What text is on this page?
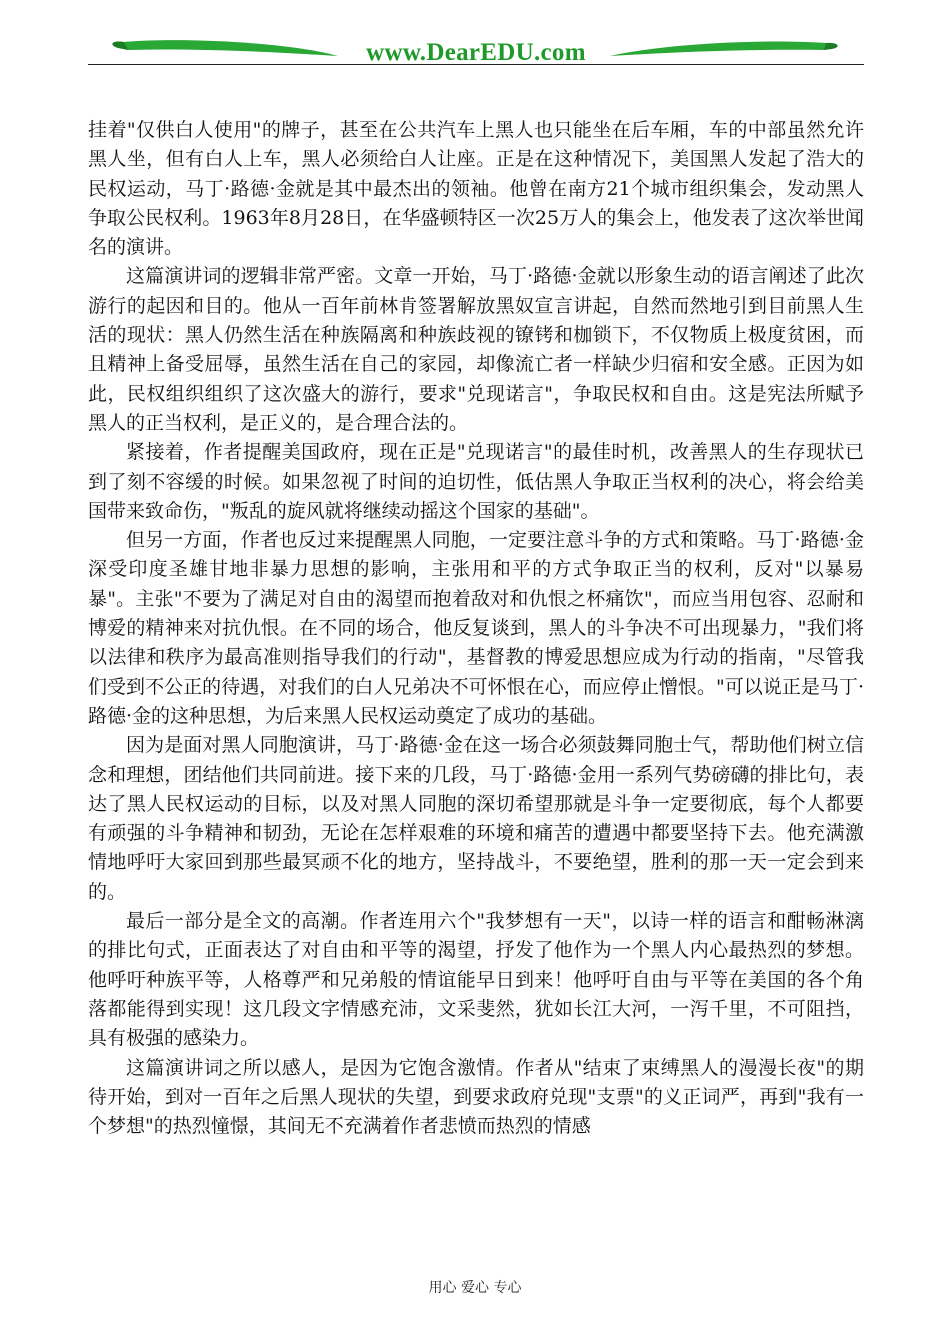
www.DearEDU.com

挂着"仅供白人使用"的牌子，甚至在公共汽车上黑人也只能坐在后车厢，车的中部虽然允许黑人坐，但有白人上车，黑人必须给白人让座。正是在这种情况下，美国黑人发起了浩大的民权运动，马丁·路德·金就是其中最杰出的领袖。他曾在南方21个城市组织集会，发动黑人争取公民权利。1963年8月28日，在华盛顿特区一次25万人的集会上，他发表了这次举世闻名的演讲。

这篇演讲词的逻辑非常严密。文章一开始，马丁·路德·金就以形象生动的语言阐述了此次游行的起因和目的。他从一百年前林肯签署解放黑奴宣言讲起，自然而然地引到目前黑人生活的现状：黑人仍然生活在种族隔离和种族歧视的镣铐和枷锁下，不仅物质上极度贫困，而且精神上备受屈辱，虽然生活在自己的家园，却像流亡者一样缺少归宿和安全感。正因为如此，民权组织组织了这次盛大的游行，要求"兑现诺言"，争取民权和自由。这是宪法所赋予黑人的正当权利，是正义的，是合理合法的。

紧接着，作者提醒美国政府，现在正是"兑现诺言"的最佳时机，改善黑人的生存现状已到了刻不容缓的时候。如果忽视了时间的迫切性，低估黑人争取正当权利的决心，将会给美国带来致命伤，"叛乱的旋风就将继续动摇这个国家的基础"。

但另一方面，作者也反过来提醒黑人同胞，一定要注意斗争的方式和策略。马丁·路德·金深受印度圣雄甘地非暴力思想的影响，主张用和平的方式争取正当的权利，反对"以暴易暴"。主张"不要为了满足对自由的渴望而抱着敌对和仇恨之杯痛饮"，而应当用包容、忍耐和博爱的精神来对抗仇恨。在不同的场合，他反复谈到，黑人的斗争决不可出现暴力，"我们将以法律和秩序为最高准则指导我们的行动"，基督教的博爱思想应成为行动的指南，"尽管我们受到不公正的待遇，对我们的白人兄弟决不可怀恨在心，而应停止憎恨。"可以说正是马丁·路德·金的这种思想，为后来黑人民权运动奠定了成功的基础。

因为是面对黑人同胞演讲，马丁·路德·金在这一场合必须鼓舞同胞士气，帮助他们树立信念和理想，团结他们共同前进。接下来的几段，马丁·路德·金用一系列气势磅礴的排比句，表达了黑人民权运动的目标，以及对黑人同胞的深切希望那就是斗争一定要彻底，每个人都要有顽强的斗争精神和韧劲，无论在怎样艰难的环境和痛苦的遭遇中都要坚持下去。他充满激情地呼吁大家回到那些最冥顽不化的地方，坚持战斗，不要绝望，胜利的那一天一定会到来的。

最后一部分是全文的高潮。作者连用六个"我梦想有一天"，以诗一样的语言和酣畅淋漓的排比句式，正面表达了对自由和平等的渴望，抒发了他作为一个黑人内心最热烈的梦想。他呼吁种族平等，人格尊严和兄弟般的情谊能早日到来！他呼吁自由与平等在美国的各个角落都能得到实现！这几段文字情感充沛，文采斐然，犹如长江大河，一泻千里，不可阻挡，具有极强的感染力。

这篇演讲词之所以感人，是因为它饱含激情。作者从"结束了束缚黑人的漫漫长夜"的期待开始，到对一百年之后黑人现状的失望，到要求政府兑现"支票"的义正词严，再到"我有一个梦想"的热烈憧憬，其间无不充满着作者悲愤而热烈的情感

用心 爱心 专心
